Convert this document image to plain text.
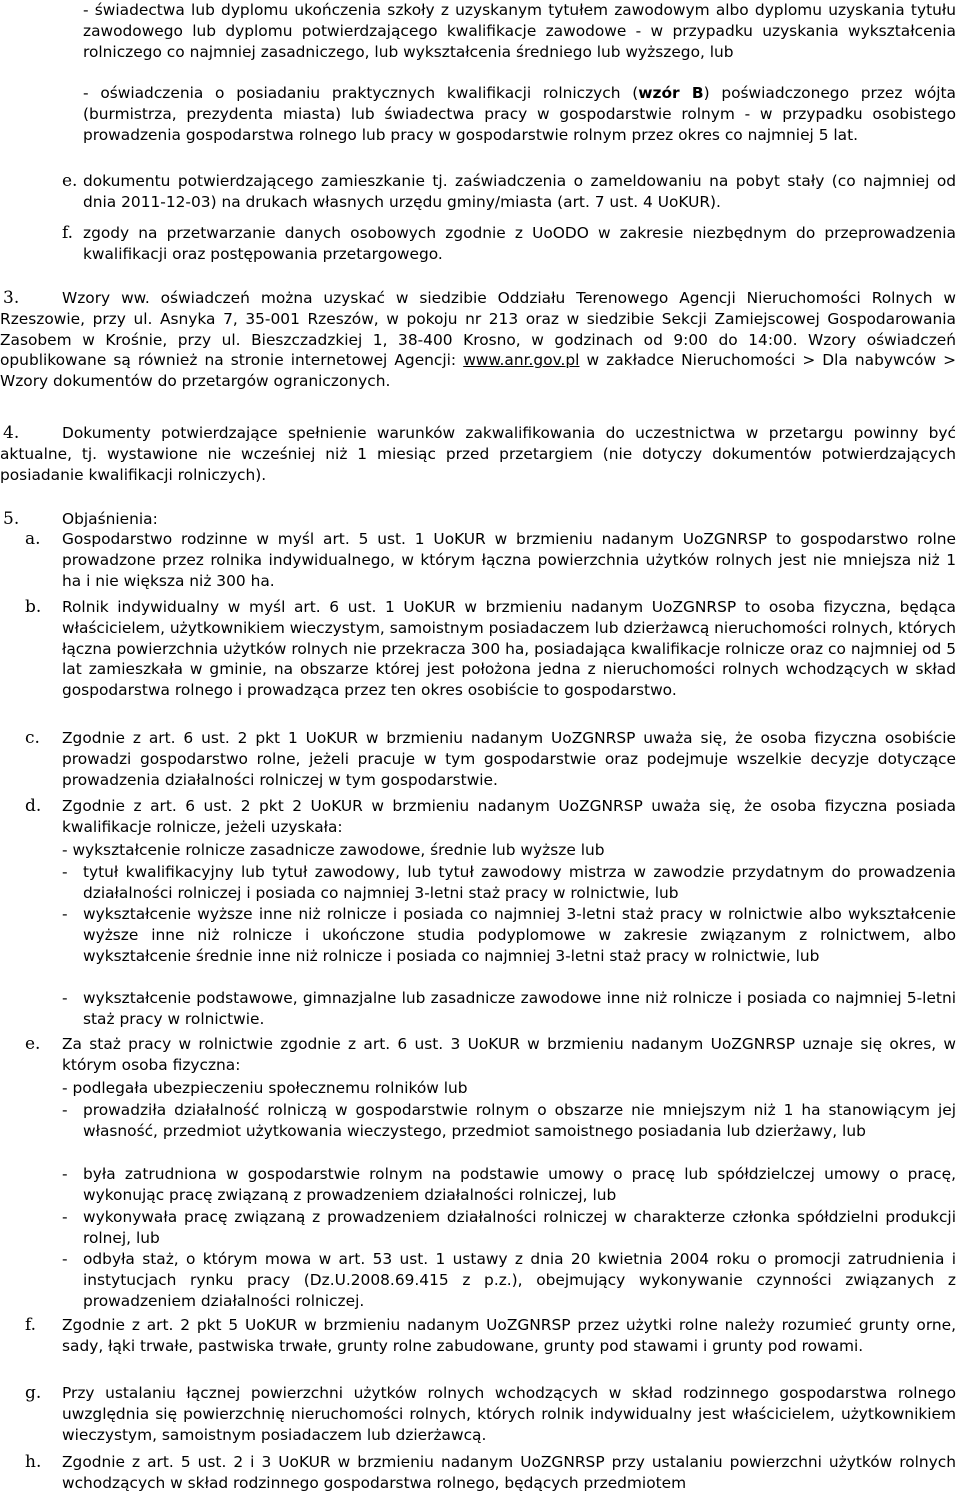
- świadectwa lub dyplomu ukończenia szkoły z uzyskanym tytułem zawodowym albo dyplomu uzyskania tytułu zawodowego lub dyplomu potwierdzającego kwalifikacje zawodowe - w przypadku uzyskania wykształcenia rolniczego co najmniej zasadniczego, lub wykształcenia średniego lub wyższego, lub
- oświadczenia o posiadaniu praktycznych kwalifikacji rolniczych (wzór B) poświadczonego przez wójta (burmistrza, prezydenta miasta) lub świadectwa pracy w gospodarstwie rolnym - w przypadku osobistego prowadzenia gospodarstwa rolnego lub pracy w gospodarstwie rolnym przez okres co najmniej 5 lat.
e. dokumentu potwierdzającego zamieszkanie tj. zaświadczenia o zameldowaniu na pobyt stały (co najmniej od dnia 2011-12-03) na drukach własnych urzędu gminy/miasta (art. 7 ust. 4 UoKUR).
f. zgody na przetwarzanie danych osobowych zgodnie z UoODO w zakresie niezbędnym do przeprowadzenia kwalifikacji oraz postępowania przetargowego.
3.	Wzory ww. oświadczeń można uzyskać w siedzibie Oddziału Terenowego Agencji Nieruchomości Rolnych w Rzeszowie, przy ul. Asnyka 7, 35-001 Rzeszów, w pokoju nr 213 oraz w siedzibie Sekcji Zamiejscowej Gospodarowania Zasobem w Krośnie, przy ul. Bieszczadzkiej 1, 38-400 Krosno, w godzinach od 9:00 do 14:00. Wzory oświadczeń opublikowane są również na stronie internetowej Agencji: www.anr.gov.pl w zakładce Nieruchomości > Dla nabywców > Wzory dokumentów do przetargów ograniczonych.
4.	Dokumenty potwierdzające spełnienie warunków zakwalifikowania do uczestnictwa w przetargu powinny być aktualne, tj. wystawione nie wcześniej niż 1 miesiąc przed przetargiem (nie dotyczy dokumentów potwierdzających posiadanie kwalifikacji rolniczych).
5.	Objaśnienia:
a. Gospodarstwo rodzinne w myśl art. 5 ust. 1 UoKUR w brzmieniu nadanym UoZGNRSP to gospodarstwo rolne prowadzone przez rolnika indywidualnego, w którym łączna powierzchnia użytków rolnych jest nie mniejsza niż 1 ha i nie większa niż 300 ha.
b. Rolnik indywidualny w myśl art. 6 ust. 1 UoKUR w brzmieniu nadanym UoZGNRSP to osoba fizyczna, będąca właścicielem, użytkownikiem wieczystym, samoistnym posiadaczem lub dzierżawcą nieruchomości rolnych, których łączna powierzchnia użytków rolnych nie przekracza 300 ha, posiadająca kwalifikacje rolnicze oraz co najmniej od 5 lat zamieszkała w gminie, na obszarze której jest położona jedna z nieruchomości rolnych wchodzących w skład gospodarstwa rolnego i prowadząca przez ten okres osobiście to gospodarstwo.
c. Zgodnie z art. 6 ust. 2 pkt 1 UoKUR w brzmieniu nadanym UoZGNRSP uważa się, że osoba fizyczna osobiście prowadzi gospodarstwo rolne, jeżeli pracuje w tym gospodarstwie oraz podejmuje wszelkie decyzje dotyczące prowadzenia działalności rolniczej w tym gospodarstwie.
d. Zgodnie z art. 6 ust. 2 pkt 2 UoKUR w brzmieniu nadanym UoZGNRSP uważa się, że osoba fizyczna posiada kwalifikacje rolnicze, jeżeli uzyskała:
- wykształcenie rolnicze zasadnicze zawodowe, średnie lub wyższe lub
- tytuł kwalifikacyjny lub tytuł zawodowy, lub tytuł zawodowy mistrza w zawodzie przydatnym do prowadzenia działalności rolniczej i posiada co najmniej 3-letni staż pracy w rolnictwie, lub
- wykształcenie wyższe inne niż rolnicze i posiada co najmniej 3-letni staż pracy w rolnictwie albo wykształcenie wyższe inne niż rolnicze i ukończone studia podyplomowe w zakresie związanym z rolnictwem, albo wykształcenie średnie inne niż rolnicze i posiada co najmniej 3-letni staż pracy w rolnictwie, lub
- wykształcenie podstawowe, gimnazjalne lub zasadnicze zawodowe inne niż rolnicze i posiada co najmniej 5-letni staż pracy w rolnictwie.
e. Za staż pracy w rolnictwie zgodnie z art. 6 ust. 3 UoKUR w brzmieniu nadanym UoZGNRSP uznaje się okres, w którym osoba fizyczna:
- podlegała ubezpieczeniu społecznemu rolników lub
- prowadziła działalność rolniczą w gospodarstwie rolnym o obszarze nie mniejszym niż 1 ha stanowiącym jej własność, przedmiot użytkowania wieczystego, przedmiot samoistnego posiadania lub dzierżawy, lub
- była zatrudniona w gospodarstwie rolnym na podstawie umowy o pracę lub spółdzielczej umowy o pracę, wykonując pracę związaną z prowadzeniem działalności rolniczej, lub
- wykonywała pracę związaną z prowadzeniem działalności rolniczej w charakterze członka spółdzielni produkcji rolnej, lub
- odbyła staż, o którym mowa w art. 53 ust. 1 ustawy z dnia 20 kwietnia 2004 roku o promocji zatrudnienia i instytucjach rynku pracy (Dz.U.2008.69.415 z p.z.), obejmujący wykonywanie czynności związanych z prowadzeniem działalności rolniczej.
f. Zgodnie z art. 2 pkt 5 UoKUR w brzmieniu nadanym UoZGNRSP przez użytki rolne należy rozumieć grunty orne, sady, łąki trwałe, pastwiska trwałe, grunty rolne zabudowane, grunty pod stawami i grunty pod rowami.
g. Przy ustalaniu łącznej powierzchni użytków rolnych wchodzących w skład rodzinnego gospodarstwa rolnego uwzględnia się powierzchnię nieruchomości rolnych, których rolnik indywidualny jest właścicielem, użytkownikiem wieczystym, samoistnym posiadaczem lub dzierżawcą.
h. Zgodnie z art. 5 ust. 2 i 3 UoKUR w brzmieniu nadanym UoZGNRSP przy ustalaniu powierzchni użytków rolnych wchodzących w skład rodzinnego gospodarstwa rolnego, będących przedmiotem
